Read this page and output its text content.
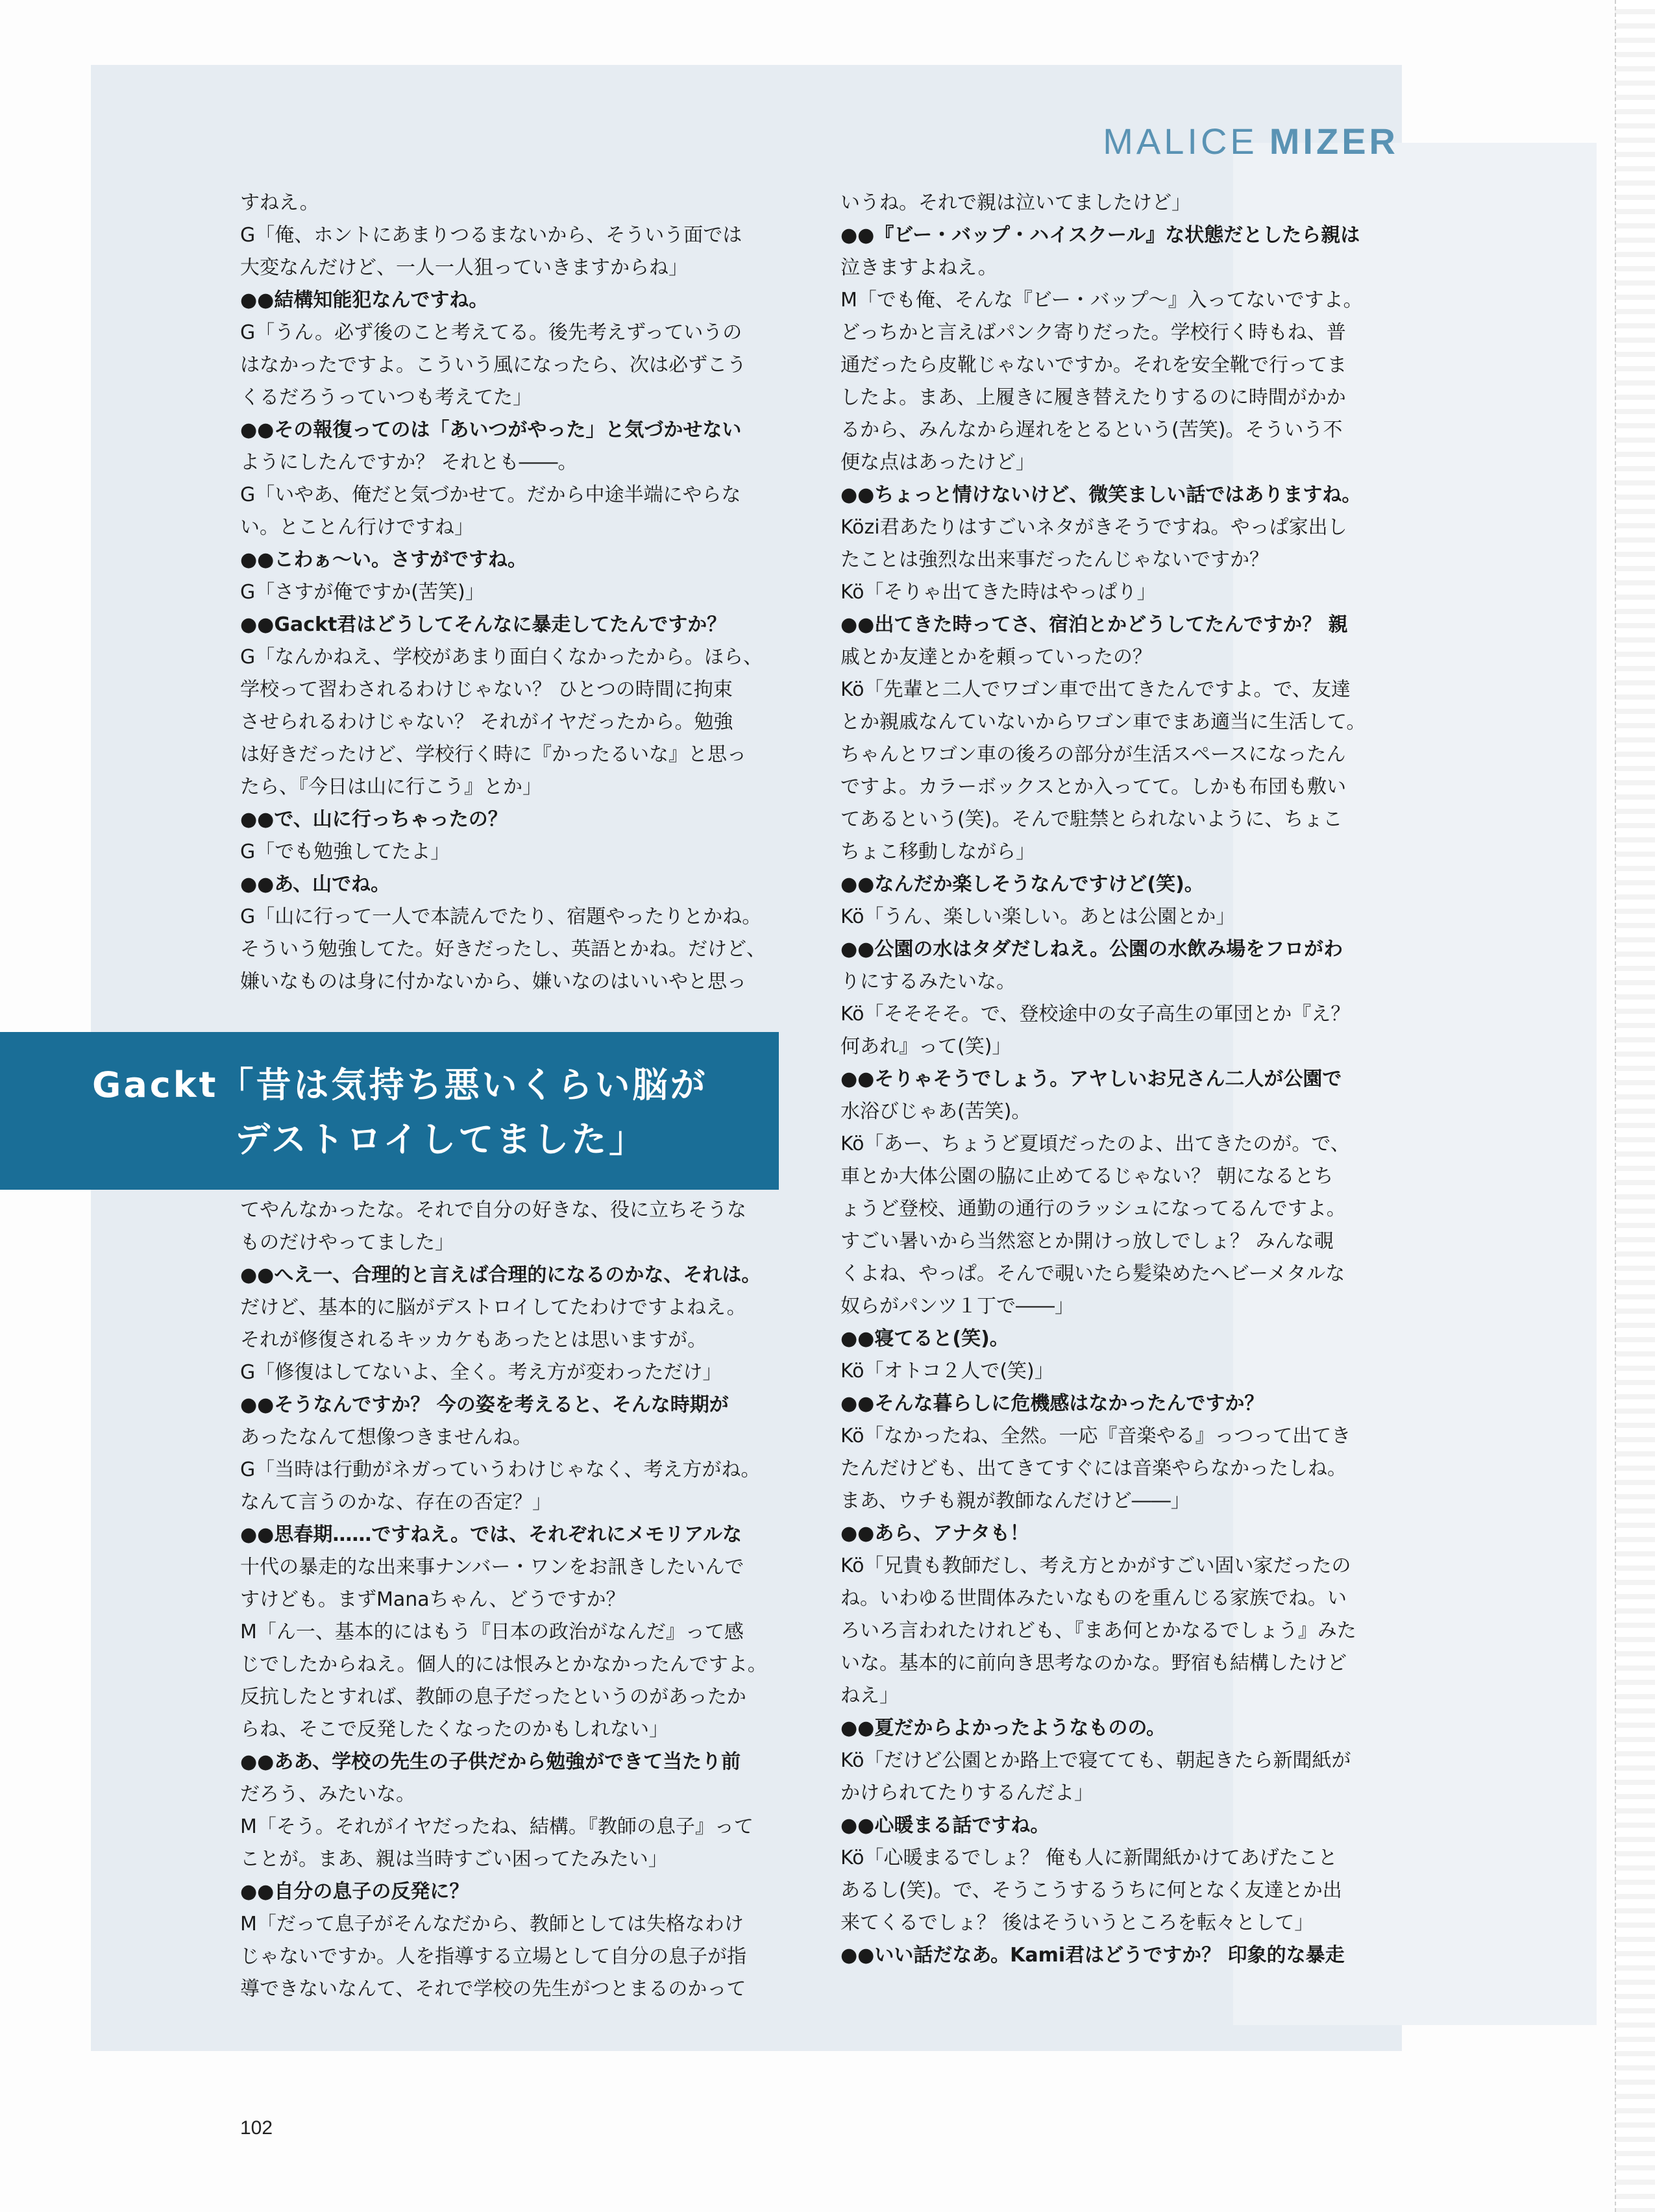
MALICE MIZER

すねえ。

G「俺、ホントにあまりつるまないから、そういう面では

大変なんだけど、一人一人狙っていきますからね」

●●結構知能犯なんですね。

G「うん。必ず後のこと考えてる。後先考えずっていうの

はなかったですよ。こういう風になったら、次は必ずこう

くるだろうっていつも考えてた」

●●その報復ってのは「あいつがやった」と気づかせない

ようにしたんですか？ それとも――。

G「いやあ、俺だと気づかせて。だから中途半端にやらな

い。とことん行けですね」

●●こわぁ〜い。さすがですね。

G「さすが俺ですか(苦笑)」

●●Gackt君はどうしてそんなに暴走してたんですか？

G「なんかねえ、学校があまり面白くなかったから。ほら、

学校って習わされるわけじゃない？ ひとつの時間に拘束

させられるわけじゃない？ それがイヤだったから。勉強

は好きだったけど、学校行く時に『かったるいな』と思っ

たら、『今日は山に行こう』とか」

●●で、山に行っちゃったの？

G「でも勉強してたよ」

●●あ、山でね。

G「山に行って一人で本読んでたり、宿題やったりとかね。

そういう勉強してた。好きだったし、英語とかね。だけど、

嫌いなものは身に付かないから、嫌いなのはいいやと思っ

Gackt「昔は気持ち悪いくらい脳が
デストロイしてました」

てやんなかったな。それで自分の好きな、役に立ちそうな

ものだけやってました」

●●へえ一、合理的と言えば合理的になるのかな、それは。

だけど、基本的に脳がデストロイしてたわけですよねえ。

それが修復されるキッカケもあったとは思いますが。

G「修復はしてないよ、全く。考え方が変わっただけ」

●●そうなんですか？ 今の姿を考えると、そんな時期が

あったなんて想像つきませんね。

G「当時は行動がネガっていうわけじゃなく、考え方がね。

なんて言うのかな、存在の否定？」

●●思春期……ですねえ。では、それぞれにメモリアルな

十代の暴走的な出来事ナンバー・ワンをお訊きしたいんで

すけども。まずManaちゃん、どうですか？

M「ん一、基本的にはもう『日本の政治がなんだ』って感

じでしたからねえ。個人的には恨みとかなかったんですよ。

反抗したとすれば、教師の息子だったというのがあったか

らね、そこで反発したくなったのかもしれない」

●●ああ、学校の先生の子供だから勉強ができて当たり前

だろう、みたいな。

M「そう。それがイヤだったね、結構。『教師の息子』って

ことが。まあ、親は当時すごい困ってたみたい」

●●自分の息子の反発に？

M「だって息子がそんなだから、教師としては失格なわけ

じゃないですか。人を指導する立場として自分の息子が指

導できないなんて、それで学校の先生がつとまるのかって

いうね。それで親は泣いてましたけど」

●●『ビー・バップ・ハイスクール』な状態だとしたら親は

泣きますよねえ。

M「でも俺、そんな『ビー・バップ〜』入ってないですよ。

どっちかと言えばパンク寄りだった。学校行く時もね、普

通だったら皮靴じゃないですか。それを安全靴で行ってま

したよ。まあ、上履きに履き替えたりするのに時間がかか

るから、みんなから遅れをとるという(苦笑)。そういう不

便な点はあったけど」

●●ちょっと情けないけど、微笑ましい話ではありますね。

Közi君あたりはすごいネタがきそうですね。やっぱ家出し

たことは強烈な出来事だったんじゃないですか？

Kö「そりゃ出てきた時はやっぱり」

●●出てきた時ってさ、宿泊とかどうしてたんですか？ 親

戚とか友達とかを頼っていったの？

Kö「先輩と二人でワゴン車で出てきたんですよ。で、友達

とか親戚なんていないからワゴン車でまあ適当に生活して。

ちゃんとワゴン車の後ろの部分が生活スペースになったん

ですよ。カラーボックスとか入ってて。しかも布団も敷い

てあるという(笑)。そんで駐禁とられないように、ちょこ

ちょこ移動しながら」

●●なんだか楽しそうなんですけど(笑)。

Kö「うん、楽しい楽しい。あとは公園とか」

●●公園の水はタダだしねえ。公園の水飲み場をフロがわ

りにするみたいな。

Kö「そそそそ。で、登校途中の女子高生の軍団とか『え？

何あれ』って(笑)」

●●そりゃそうでしょう。アヤしいお兄さん二人が公園で

水浴びじゃあ(苦笑)。

Kö「あー、ちょうど夏頃だったのよ、出てきたのが。で、

車とか大体公園の脇に止めてるじゃない？ 朝になるとち

ょうど登校、通勤の通行のラッシュになってるんですよ。

すごい暑いから当然窓とか開けっ放しでしょ？ みんな覗

くよね、やっぱ。そんで覗いたら髪染めたヘビーメタルな

奴らがパンツ１丁で――」

●●寝てると(笑)。

Kö「オトコ２人で(笑)」

●●そんな暮らしに危機感はなかったんですか？

Kö「なかったね、全然。一応『音楽やる』っつって出てき

たんだけども、出てきてすぐには音楽やらなかったしね。

まあ、ウチも親が教師なんだけど――」

●●あら、アナタも！

Kö「兄貴も教師だし、考え方とかがすごい固い家だったの

ね。いわゆる世間体みたいなものを重んじる家族でね。い

ろいろ言われたけれども、『まあ何とかなるでしょう』みた

いな。基本的に前向き思考なのかな。野宿も結構したけど

ねえ」

●●夏だからよかったようなものの。

Kö「だけど公園とか路上で寝てても、朝起きたら新聞紙が

かけられてたりするんだよ」

●●心暖まる話ですね。

Kö「心暖まるでしょ？ 俺も人に新聞紙かけてあげたこと

あるし(笑)。で、そうこうするうちに何となく友達とか出

来てくるでしょ？ 後はそういうところを転々として」

●●いい話だなあ。Kami君はどうですか？ 印象的な暴走

102
